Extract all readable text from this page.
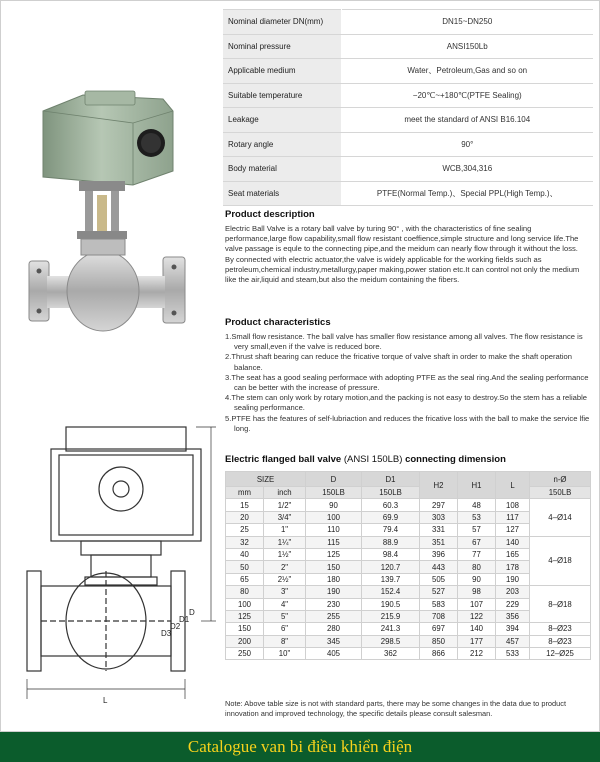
D3
D2
D1
D
L
Nominal diameter DN(mm)	DN15~DN250
Nominal pressure	ANSI150Lb
Applicable medium	Water、Petroleum,Gas and so on
Suitable temperature	−20℃~+180℃(PTFE Sealing)
Leakage	meet the standard of ANSI B16.104
Rotary angle	90°
Body material	WCB,304,316
Seat materials	PTFE(Normal Temp.)、Special PPL(High Temp.)、
Product description

Electric Ball Valve is a rotary ball valve by turing 90° , with the characteristics of fine sealing performance,large flow capability,small flow resistant coeffience,simple structure and long service life.The valve passage is equle to the connecting pipe,and the meidum can nearly flow through it without the loss.

By connected with electric actuator,the valve is widely applicable for the working fields such as petroleum,chemical industry,metallurgy,paper making,power station etc.It can control not only the medium like the air,liquid and steam,but also the meidum containing the fibers.

Product characteristics
1.Small flow resistance. The ball valve has smaller flow resistance among all valves. The flow resistance is very small,even if the valve is reduced bore.
2.Thrust shaft bearing can reduce the fricative torque of valve shaft in order to make the shaft operation balance.
3.The seat has a good sealing performace with adopting PTFE as the seal ring.And the sealing performance can be better with the increase of pressure.
4.The stem can only work by rotary motion,and the packing is not easy to destroy.So the stem has a reliable sealing performance.
5.PTFE has the features of self-lubriaction and reduces the fricative loss with the ball to make the service lfie long.
Electric flanged ball valve (ANSI 150LB) connecting dimension
SIZE		D	D1	H2	H1	L	n-Ø
mm	inch	150LB	150LB				150LB
15	1/2"	90	60.3	297	48	108	4–Ø14
20	3/4"	100	69.9	303	53	117	
25	1"	110	79.4	331	57	127	
32	1¼"	115	88.9	351	67	140	4–Ø18
40	1½"	125	98.4	396	77	165	
50	2"	150	120.7	443	80	178	
65	2½"	180	139.7	505	90	190	
80	3"	190	152.4	527	98	203	8–Ø18
100	4"	230	190.5	583	107	229	
125	5"	255	215.9	708	122	356	
150	6"	280	241.3	697	140	394	8–Ø23
200	8"	345	298.5	850	177	457	8–Ø23
250	10"	405	362	866	212	533	12–Ø25
Note: Above table size is not with standard parts, there may be some changes in the data due to product innovation and improved technology, the specific details please consult salesman.
Catalogue van bi điều khiển điện
